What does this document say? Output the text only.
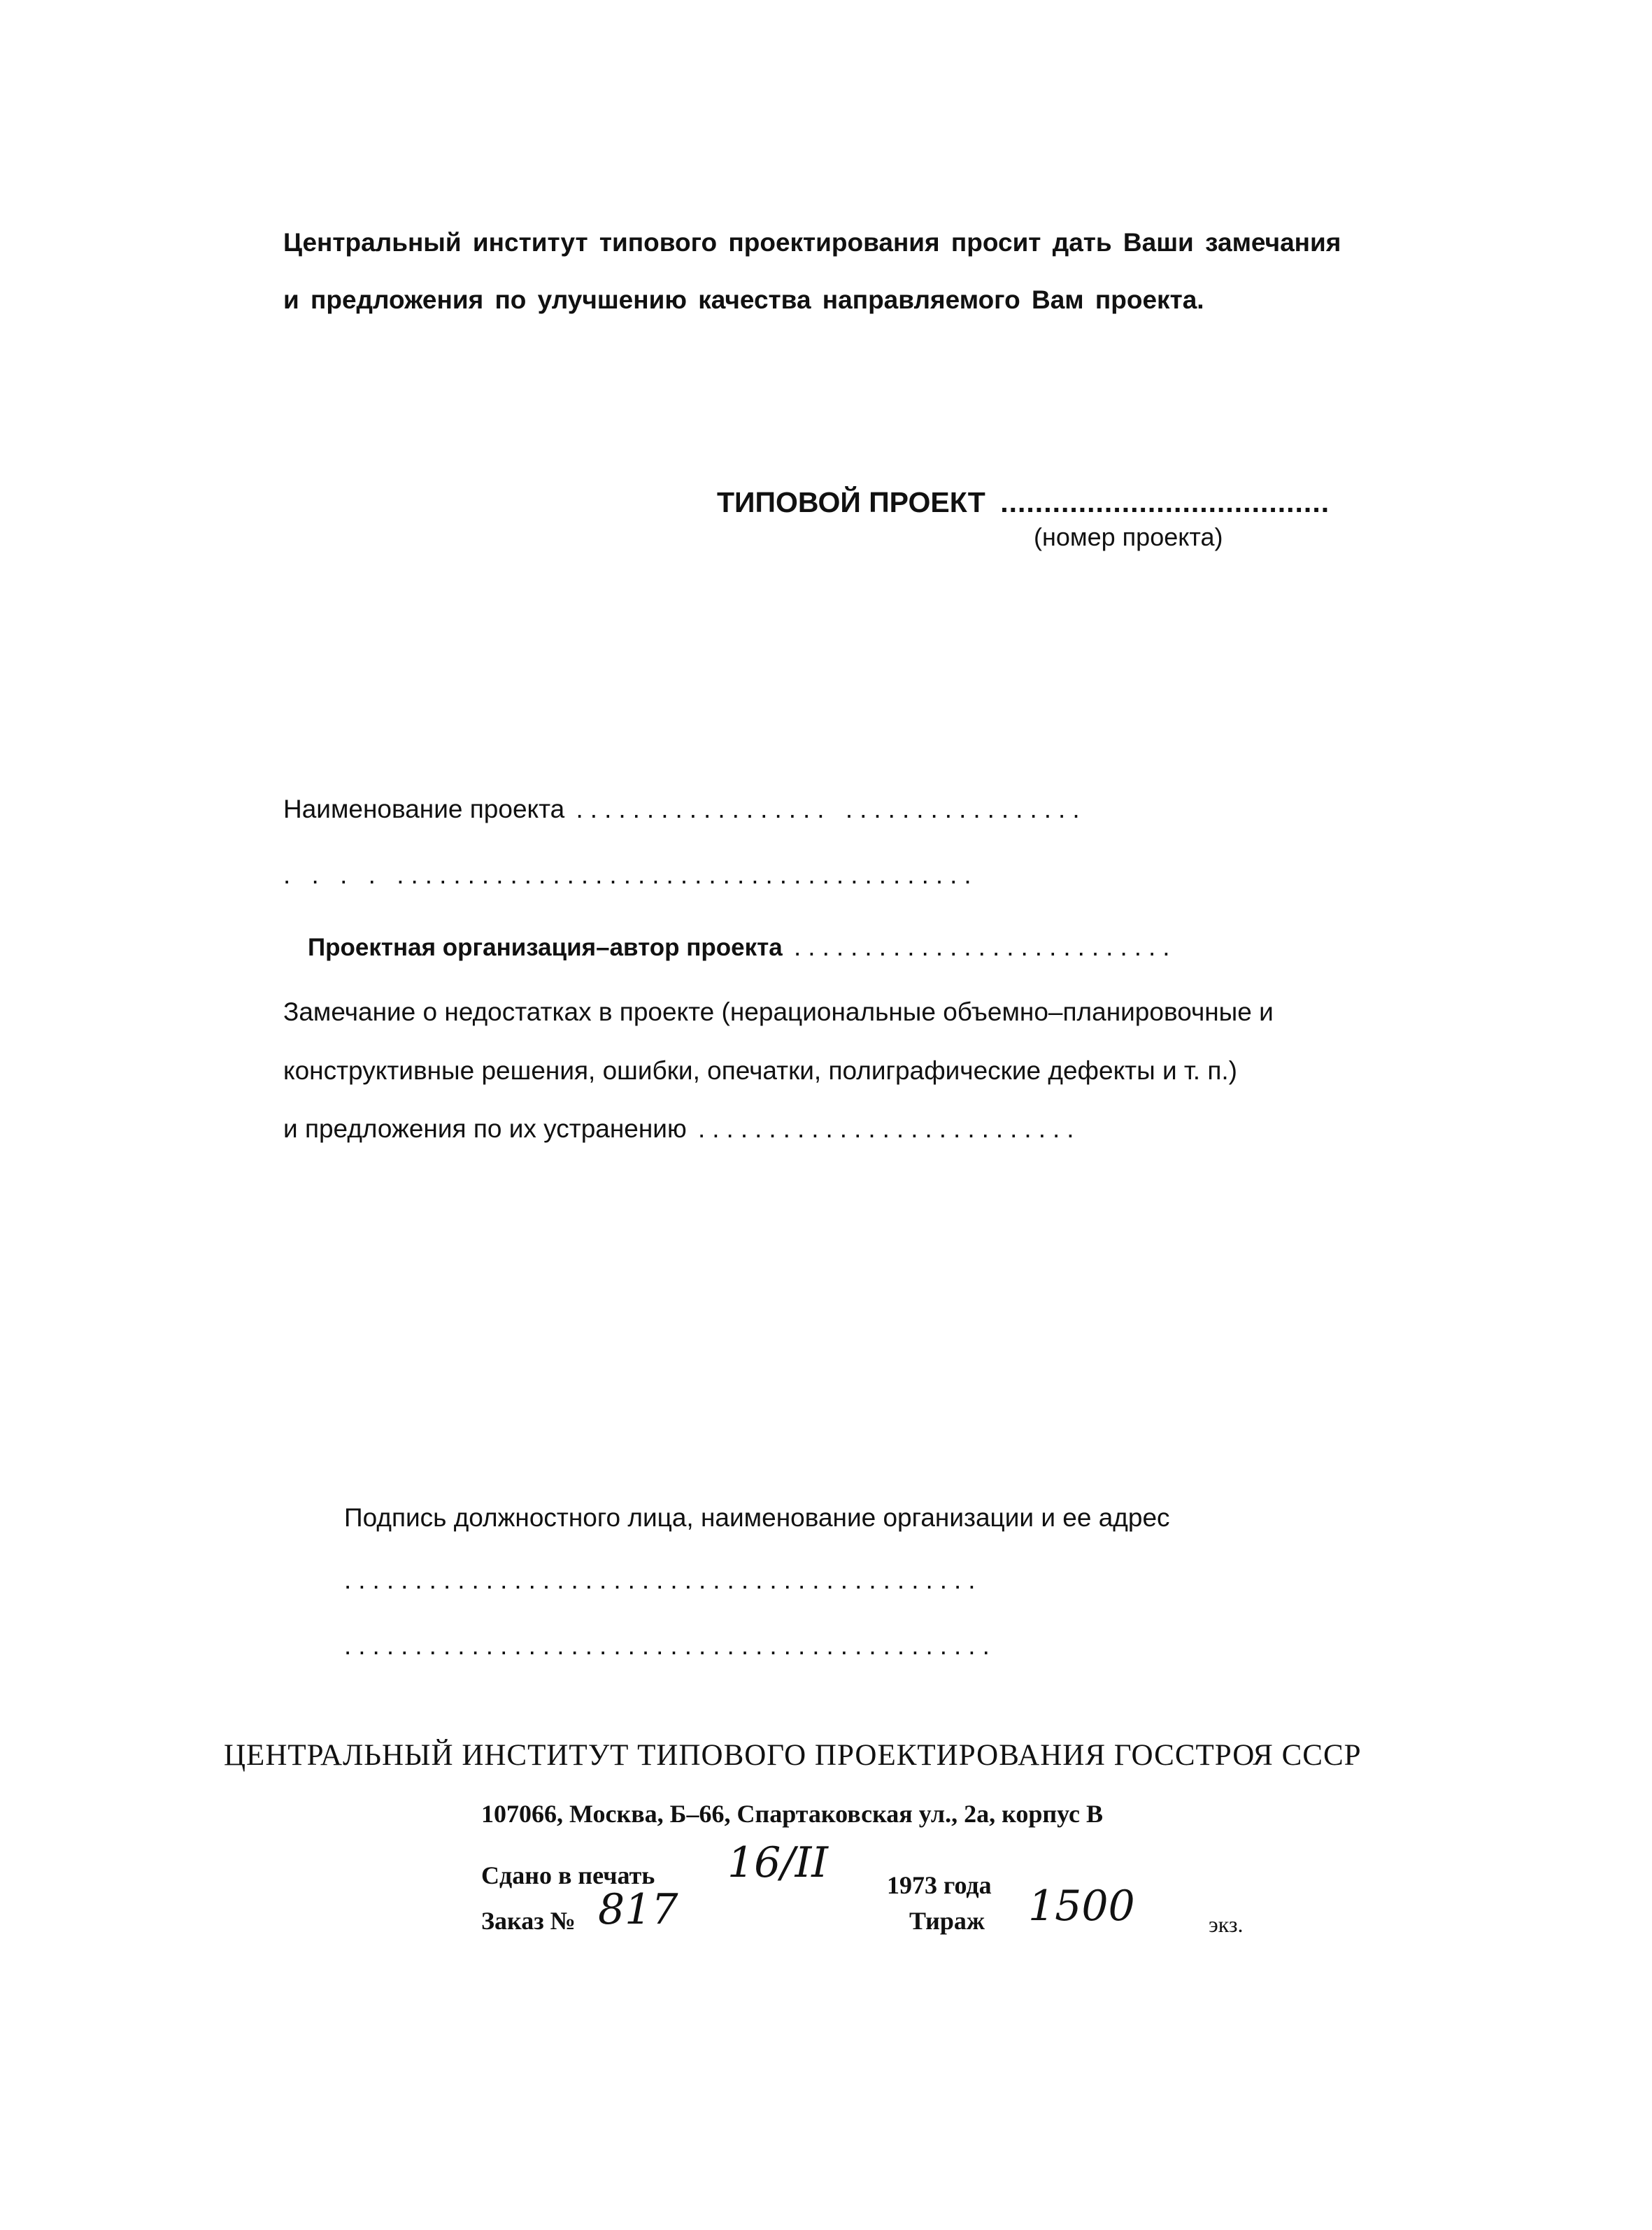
Центральный институт типового проектирования просит дать Ваши замечания
и предложения по улучшению качества направляемого Вам проекта.
ТИПОВОЙ ПРОЕКТ ......................................
(номер проекта)
Наименование проекта .................. .................
. . . . .........................................
Проектная организация–автор проекта ...........................
Замечание о недостатках в проекте (нерациональные объемно–планировочные и
конструктивные решения, ошибки, опечатки, полиграфические дефекты и т. п.)
и предложения по их устранению ...........................
Подпись должностного лица, наименование организации и ее адрес
.............................................
..............................................
ЦЕНТРАЛЬНЫЙ ИНСТИТУТ ТИПОВОГО ПРОЕКТИРОВАНИЯ ГОССТРОЯ СССР
107066, Москва, Б–66, Спартаковская ул., 2а, корпус В
Сдано в печать 16/II 1973 года
Заказ № 817	Тираж 1500	экз.
